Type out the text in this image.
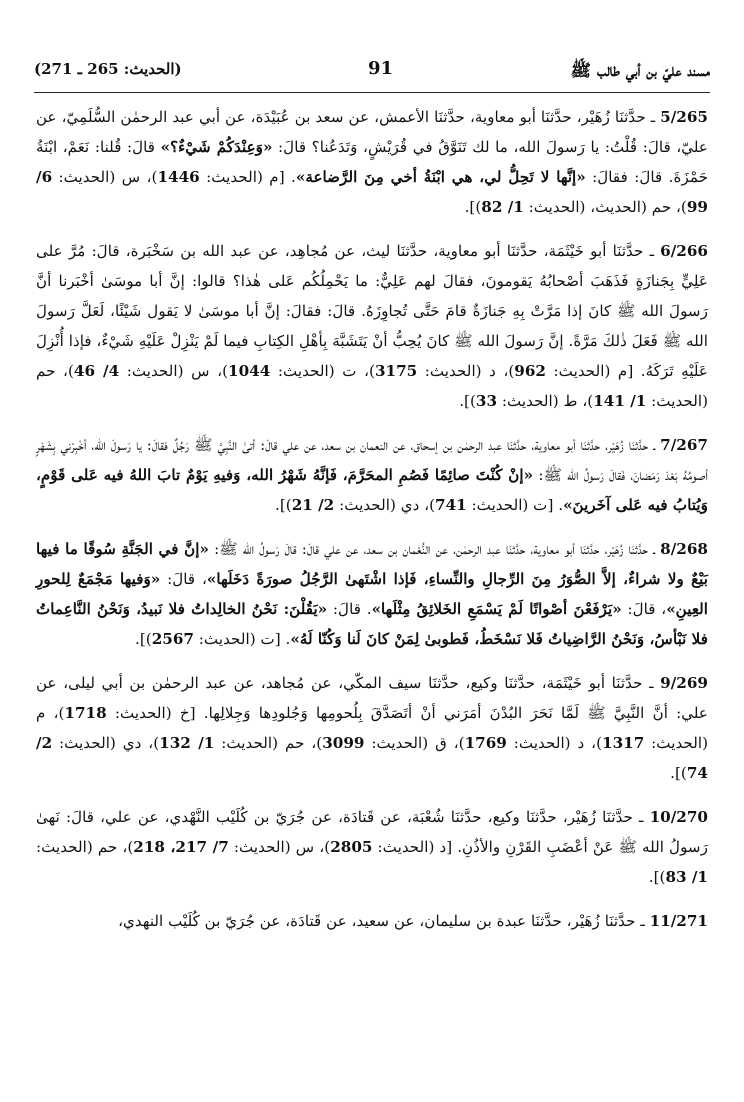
مسند عليّ بن أبي طالب ﷺ
91
(الحديث: 265 ـ 271)

5/265 ـ حدَّثنَا زُهَيْر، حدَّثنَا أبو معاوية، حدَّثنَا الأعمش، عن سعد بن عُبَيْدَة، عن أبي عبد الرحمٰن السُّلَمِيّ، عن عليّ، قالَ: قُلْتُ: يا رَسولَ الله، ما لك تَنَوَّقُ في قُرَيْشٍ، وَتَدَعُنا؟ قالَ: «وَعِنْدَكُمْ شَيْءٌ؟» قالَ: قُلنا: نَعَمْ، ابْنَةُ حَمْزَةَ. قالَ: فقالَ: «إنَّها لا تَحِلُّ لي، هي ابْنَةُ أخي مِنَ الرَّضاعة». [م (الحديث: 1446)، س (الحديث: 6/ 99)، حم (الحديث، (الحديث: 1/ 82)].

6/266 ـ حدَّثنَا أبو خَيْثَمَة، حدَّثنَا أبو معاوية، حدَّثنَا ليث، عن مُجاهِد، عن عبد الله بن سَخْبَرة، قالَ: مُرَّ على عَلِيٍّ بِجَنازَةٍ فَذَهَبَ أصْحابُهُ يَقومونَ، فقالَ لهم عَلِيٌّ: ما يَحْمِلُكُم عَلى هٰذا؟ قالوا: إنَّ أبا موسَىٰ أخْبَرنا أنَّ رَسولَ الله ﷺ كانَ إذا مَرَّتْ بِهِ جَنازَةٌ قامَ حَتَّى تُجاوِزَهُ. قالَ: فقالَ: إنَّ أبا موسَىٰ لا يَقول شَيْئًا، لَعَلَّ رَسولَ الله ﷺ فَعَلَ ذٰلكَ مَرَّةً. إنَّ رَسولَ الله ﷺ كانَ يُحِبُّ أنْ يَتَشَبَّهَ بِأهْلِ الكِتابِ فيما لَمْ يَنْزِلْ عَلَيْهِ شَيْءٌ، فإذا أُنْزِلَ عَلَيْهِ تَرَكَهُ. [م (الحديث: 962)، د (الحديث: 3175)، ت (الحديث: 1044)، س (الحديث: 4/ 46)، حم (الحديث: 1/ 141)، ط (الحديث: 33)].

7/267 ـ حدَّثنَا زُهَيْر، حدَّثنَا أبو معاوية، حدَّثنَا عبد الرحمٰن بن إسحاق، عن النعمان بن سعد، عن علي قالَ: أتىٰ النَّبِيَّ ﷺ رَجُلٌ فقالَ: يا رَسولَ الله، أخْبِرْني بِشَهْرٍ أصومُهُ بَعْدَ رَمَضانَ، فَقالَ رَسولُ الله ﷺ: «إنْ كُنْتَ صائِمًا فَصُمِ المحَرَّمَ، فَإنَّهُ شَهْرُ الله، وَفيهِ يَوْمٌ تابَ اللهُ فيه عَلى قَوْمٍ، وَيُتابُ فيه عَلى آخَرينَ». [ت (الحديث: 741)، دي (الحديث: 2/ 21)].

8/268 ـ حدَّثنَا زُهَيْر، حدَّثنَا أبو معاوية، حدَّثنَا عبد الرحمٰن، عن النُّعْمان بن سعد، عن علي قالَ: قالَ رَسولُ الله ﷺ: «إنَّ في الجَنَّةِ سُوقًا ما فيها بَيْعٌ ولا شراءٌ، إلاَّ الصُّوَرُ مِنَ الرِّجالِ والنِّساءِ، فَإذا اشْتَهىٰ الرَّجُلُ صورَةً دَخَلَها»، قالَ: «وَفيها مَجْمَعٌ لِلحورِ العِينِ»، قالَ: «يَرْفَعْنَ أصْواتًا لَمْ يَسْمَعِ الخَلائِقُ مِثْلَها». قالَ: «يَقُلْنَ: نَحْنُ الخالِداتُ فلا نَبيدُ، وَنَحْنُ النَّاعِماتُ فلا نَبْأسُ، وَنَحْنُ الرَّاضِياتُ فَلا نَسْخَطُ، فَطوبىٰ لِمَنْ كانَ لَنا وَكُنّا لَهُ». [ت (الحديث: 2567)].

9/269 ـ حدَّثنَا أبو خَيْثَمَة، حدَّثنَا وكيع، حدَّثنَا سيف المكّي، عن مُجاهد، عن عبد الرحمٰن بن أبي ليلى، عن علي: أنَّ النَّبِيَّ ﷺ لَمَّا نَحَرَ البُدْنَ أمَرَني أنْ أتَصَدَّقَ بِلُحومِها وَجُلودِها وَجِلالِها. [خ (الحديث: 1718)، م (الحديث: 1317)، د (الحديث: 1769)، ق (الحديث: 3099)، حم (الحديث: 1/ 132)، دي (الحديث: 2/ 74)].

10/270 ـ حدَّثنَا زُهَيْر، حدَّثنَا وكيع، حدَّثنَا شُعْبَة، عن قَتادَة، عن جُرَيّ بن كُلَيْب النَّهْدي، عن علي، قالَ: نَهىٰ رَسولُ الله ﷺ عَنْ أعْضَبِ القَرْنِ والأذُنِ. [د (الحديث: 2805)، س (الحديث: 7/ 217، 218)، حم (الحديث: 1/ 83)].

11/271 ـ حدَّثنَا زُهَيْر، حدَّثنَا عبدة بن سليمان، عن سعيد، عن قَتادَة، عن جُرَيّ بن كُلَيْب النهدي،
